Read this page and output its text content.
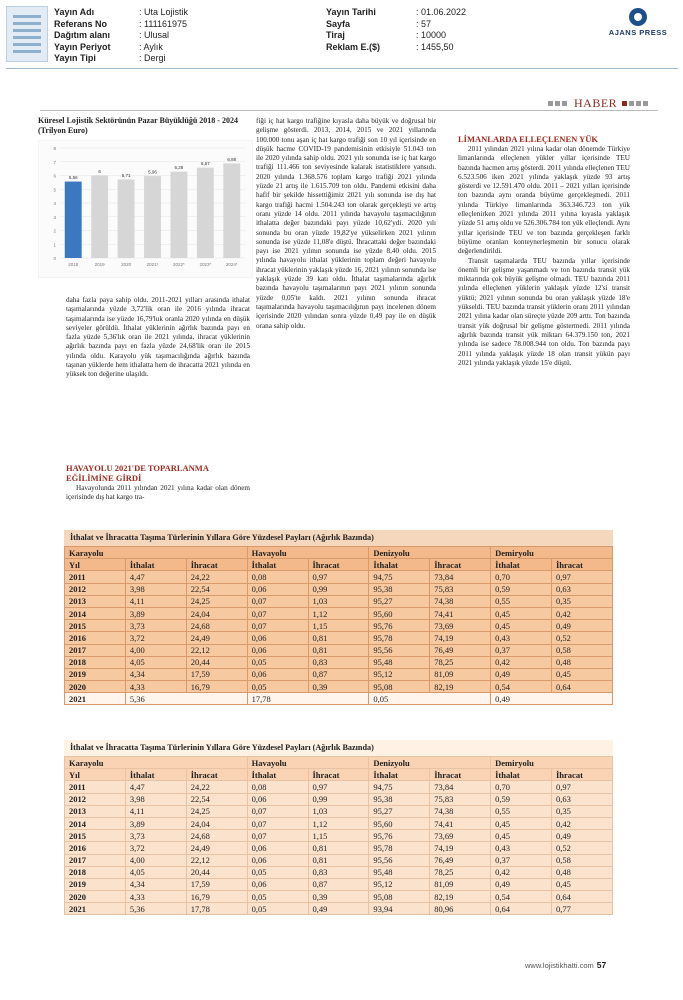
Yayın Adı	: Uta Lojistik
Referans No	: 111161975
Dağıtım alanı	: Ulusal
Yayın Periyot	: Aylık
Yayın Tipi	: Dergi
Yayın Tarihi	: 01.06.2022
Sayfa	: 57
Tiraj	: 10000
Reklam E.($)	: 1455,50
AJANS PRESS
HABER
Küresel Lojistik Sektörünün Pazar Büyüklüğü 2018 - 2024 (Trilyon Euro)
0
1
2
3
4
5
6
7
8
5,56
2018
6
2019
5,71
2020
5,96
2021*
6,28
2022*
6,57
2023*
6,88
2024*

daha fazla paya sahip oldu. 2011-2021 yılları arasında ithalat taşımalarında yüzde 3,72'lik oran ile 2016 yılında ihracat taşımalarında ise yüzde 16,79'luk oranla 2020 yılında en düşük seviyeler görüldü. İthalat yüklerinin ağırlık bazında payı en fazla yüzde 5,36'lık oran ile 2021 yılında, ihracat yüklerinin ağırlık bazında payı en fazla yüzde 24,68'lik oran ile 2015 yılında oldu. Karayolu yük taşımacılığında ağırlık bazında taşınan yüklerde hem ithalatta hem de ihracatta 2021 yılında en yüksek ton değerine ulaşıldı.

HAVAYOLU 2021'DE TOPARLANMA EĞİLİMİNE GİRDİ

Havayolunda 2011 yılından 2021 yılına kadar olan dönem içerisinde dış hat kargo tra-

fiği iç hat kargo trafiğine kıyasla daha büyük ve doğrusal bir gelişme gösterdi. 2013, 2014, 2015 ve 2021 yıllarında 100.000 tonu aşan iç hat kargo trafiği son 10 yıl içerisinde en düşük hacme COVID-19 pandemisinin etkisiyle 51.043 ton ile 2020 yılında sahip oldu. 2021 yılı sonunda ise iç hat kargo trafiği 111.466 ton seviyesinde kalarak istatistiklere yansıdı. 2020 yılında 1.368.576 toplam kargo trafiği 2021 yılında yüzde 21 artış ile 1.615.709 ton oldu. Pandemi etkisini daha hafif bir şekilde hissettiğimiz 2021 yılı sonunda ise dış hat kargo trafiği hacmi 1.504.243 ton olarak gerçekleşti ve artış oranı yüzde 14 oldu. 2011 yılında havayolu taşımacılığının ithalatta değer bazındaki payı yüzde 10,62'ydi. 2020 yılı sonunda bu oran yüzde 19,82'ye yükselirken 2021 yılının sonunda ise yüzde 11,08'e düştü. İhracattaki değer bazındaki payı ise 2021 yılının sonunda ise yüzde 8,40 oldu. 2015 yılında havayolu ithalat yüklerinin toplam değeri havayolu ihracat yüklerinin yaklaşık yüzde 16, 2021 yılının sonunda ise yaklaşık yüzde 39 katı oldu. İthalat taşımalarında ağırlık bazında havayolu taşımalarının payı 2021 yılının sonunda yüzde 0,05'te kaldı. 2021 yılının sonunda ihracat taşımalarında havayolu taşımacılığının payı incelenen dönem içerisinde 2020 yılından sonra yüzde 0,49 pay ile en düşük orana sahip oldu.

LİMANLARDA ELLEÇLENEN YÜK

2011 yılından 2021 yılına kadar olan dönemde Türkiye limanlarında elleçlenen yükler yıllar içerisinde TEU bazında hacmen artış gösterdi. 2011 yılında elleçlenen TEU 6.523.506 iken 2021 yılında yaklaşık yüzde 93 artış gösterdi ve 12.591.470 oldu. 2011 – 2021 yılları içerisinde ton bazında aynı oranda büyüme gerçekleşmedi. 2011 yılında Türkiye limanlarında 363.346.723 ton yük elleçlenirken 2021 yılında 2011 yılına kıyasla yaklaşık yüzde 51 artış oldu ve 526.306.784 ton yük elleçlendi. Aynı yıllar içerisinde TEU ve ton bazında gerçekleşen farklı büyüme oranları konteynerleşmenin bir sonucu olarak değerlendirildi.

Transit taşımalarda TEU bazında yıllar içerisinde önemli bir gelişme yaşanmadı ve ton bazında transit yük miktarında çok büyük gelişme olmadı. TEU bazında 2011 yılında elleçlenen yüklerin yaklaşık yüzde 12'si transit yüktü; 2021 yılının sonunda bu oran yaklaşık yüzde 18'e yükseldi. TEU bazında transit yüklerin oranı 2011 yılından 2021 yılına kadar olan süreçte yüzde 209 arttı. Ton bazında transit yük doğrusal bir gelişme göstermedi. 2011 yılında ağırlık bazında transit yük miktarı 64.379.150 ton, 2021 yılında ise sadece 78.008.944 ton oldu. Ton bazında payı 2011 yılında yaklaşık yüzde 18 olan transit yükün payı 2021 yılında yaklaşık yüzde 15'e düştü.

İthalat ve İhracatta Taşıma Türlerinin Yıllara Göre Yüzdesel Payları (Ağırlık Bazında)
Karayolu			Havayolu		Denizyolu		Demiryolu	
Yıl	İthalat	İhracat	İthalat	İhracat	İthalat	İhracat	İthalat	İhracat
2011	4,47	24,22	0,08	0,97	94,75	73,84	0,70	0,97
2012	3,98	22,54	0,06	0,99	95,38	75,83	0,59	0,63
2013	4,11	24,25	0,07	1,03	95,27	74,38	0,55	0,35
2014	3,89	24,04	0,07	1,12	95,60	74,41	0,45	0,42
2015	3,73	24,68	0,07	1,15	95,76	73,69	0,45	0,49
2016	3,72	24,49	0,06	0,81	95,78	74,19	0,43	0,52
2017	4,00	22,12	0,06	0,81	95,56	76,49	0,37	0,58
2018	4,05	20,44	0,05	0,83	95,48	78,25	0,42	0,48
2019	4,34	17,59	0,06	0,87	95,12	81,09	0,49	0,45
2020	4,33	16,79	0,05	0,39	95,08	82,19	0,54	0,64
2021	5,36		17,78		0,05		0,49	
İthalat ve İhracatta Taşıma Türlerinin Yıllara Göre Yüzdesel Payları (Ağırlık Bazında)
Karayolu			Havayolu		Denizyolu		Demiryolu	
Yıl	İthalat	İhracat	İthalat	İhracat	İthalat	İhracat	İthalat	İhracat
2011	4,47	24,22	0,08	0,97	94,75	73,84	0,70	0,97
2012	3,98	22,54	0,06	0,99	95,38	75,83	0,59	0,63
2013	4,11	24,25	0,07	1,03	95,27	74,38	0,55	0,35
2014	3,89	24,04	0,07	1,12	95,60	74,41	0,45	0,42
2015	3,73	24,68	0,07	1,15	95,76	73,69	0,45	0,49
2016	3,72	24,49	0,06	0,81	95,78	74,19	0,43	0,52
2017	4,00	22,12	0,06	0,81	95,56	76,49	0,37	0,58
2018	4,05	20,44	0,05	0,83	95,48	78,25	0,42	0,48
2019	4,34	17,59	0,06	0,87	95,12	81,09	0,49	0,45
2020	4,33	16,79	0,05	0,39	95,08	82,19	0,54	0,64
2021	5,36	17,78	0,05	0,49	93,94	80,96	0,64	0,77
www.lojistikhatti.com 57
